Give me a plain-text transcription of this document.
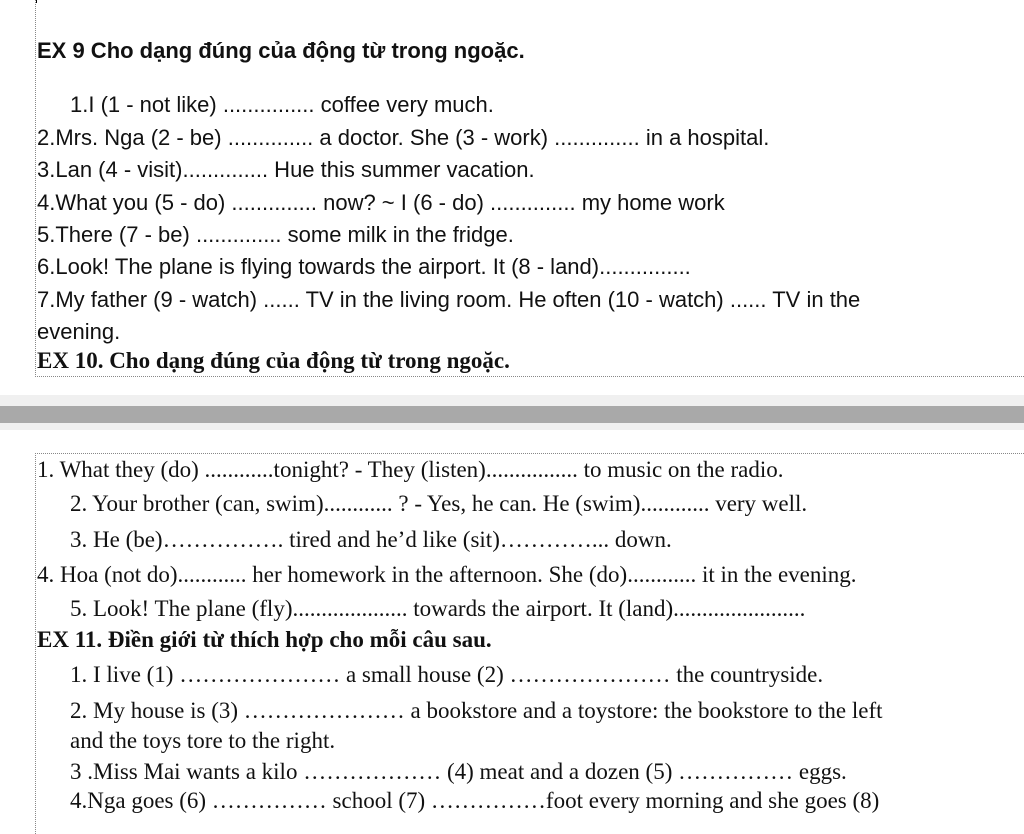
EX 9 Cho dạng đúng của động từ trong ngoặc.
1.I (1 - not like) ............... coffee very much.
2.Mrs. Nga (2 - be) .............. a doctor. She (3 - work) .............. in a hospital.
3.Lan (4 - visit).............. Hue this summer vacation.
4.What you (5 - do) .............. now? ~ I (6 - do) .............. my home work
5.There (7 - be) .............. some milk in the fridge.
6.Look! The plane is flying towards the airport. It (8 - land)...............
7.My father (9 - watch) ...... TV in the living room. He often (10 - watch) ...... TV in the
evening.
EX 10. Cho dạng đúng của động từ trong ngoặc.
1. What they (do) ............tonight? - They (listen)................ to music on the radio.
2. Your brother (can, swim)............ ? - Yes, he can. He (swim)............ very well.
3. He (be)……………. tired and he’d like (sit)…………... down.
4. Hoa (not do)............ her homework in the afternoon. She (do)............ it in the evening.
5. Look! The plane (fly).................... towards the airport. It (land).......................
EX 11. Điền giới từ thích hợp cho mỗi câu sau.
1. I live (1) ………………… a small house (2) ………………… the countryside.
2. My house is (3) ………………… a bookstore and a toystore: the bookstore to the left
and the toys tore to the right.
3 .Miss Mai wants a kilo ……………… (4) meat and a dozen (5) …………… eggs.
4.Nga goes (6) …………… school (7) ……………foot every morning and she goes (8)
